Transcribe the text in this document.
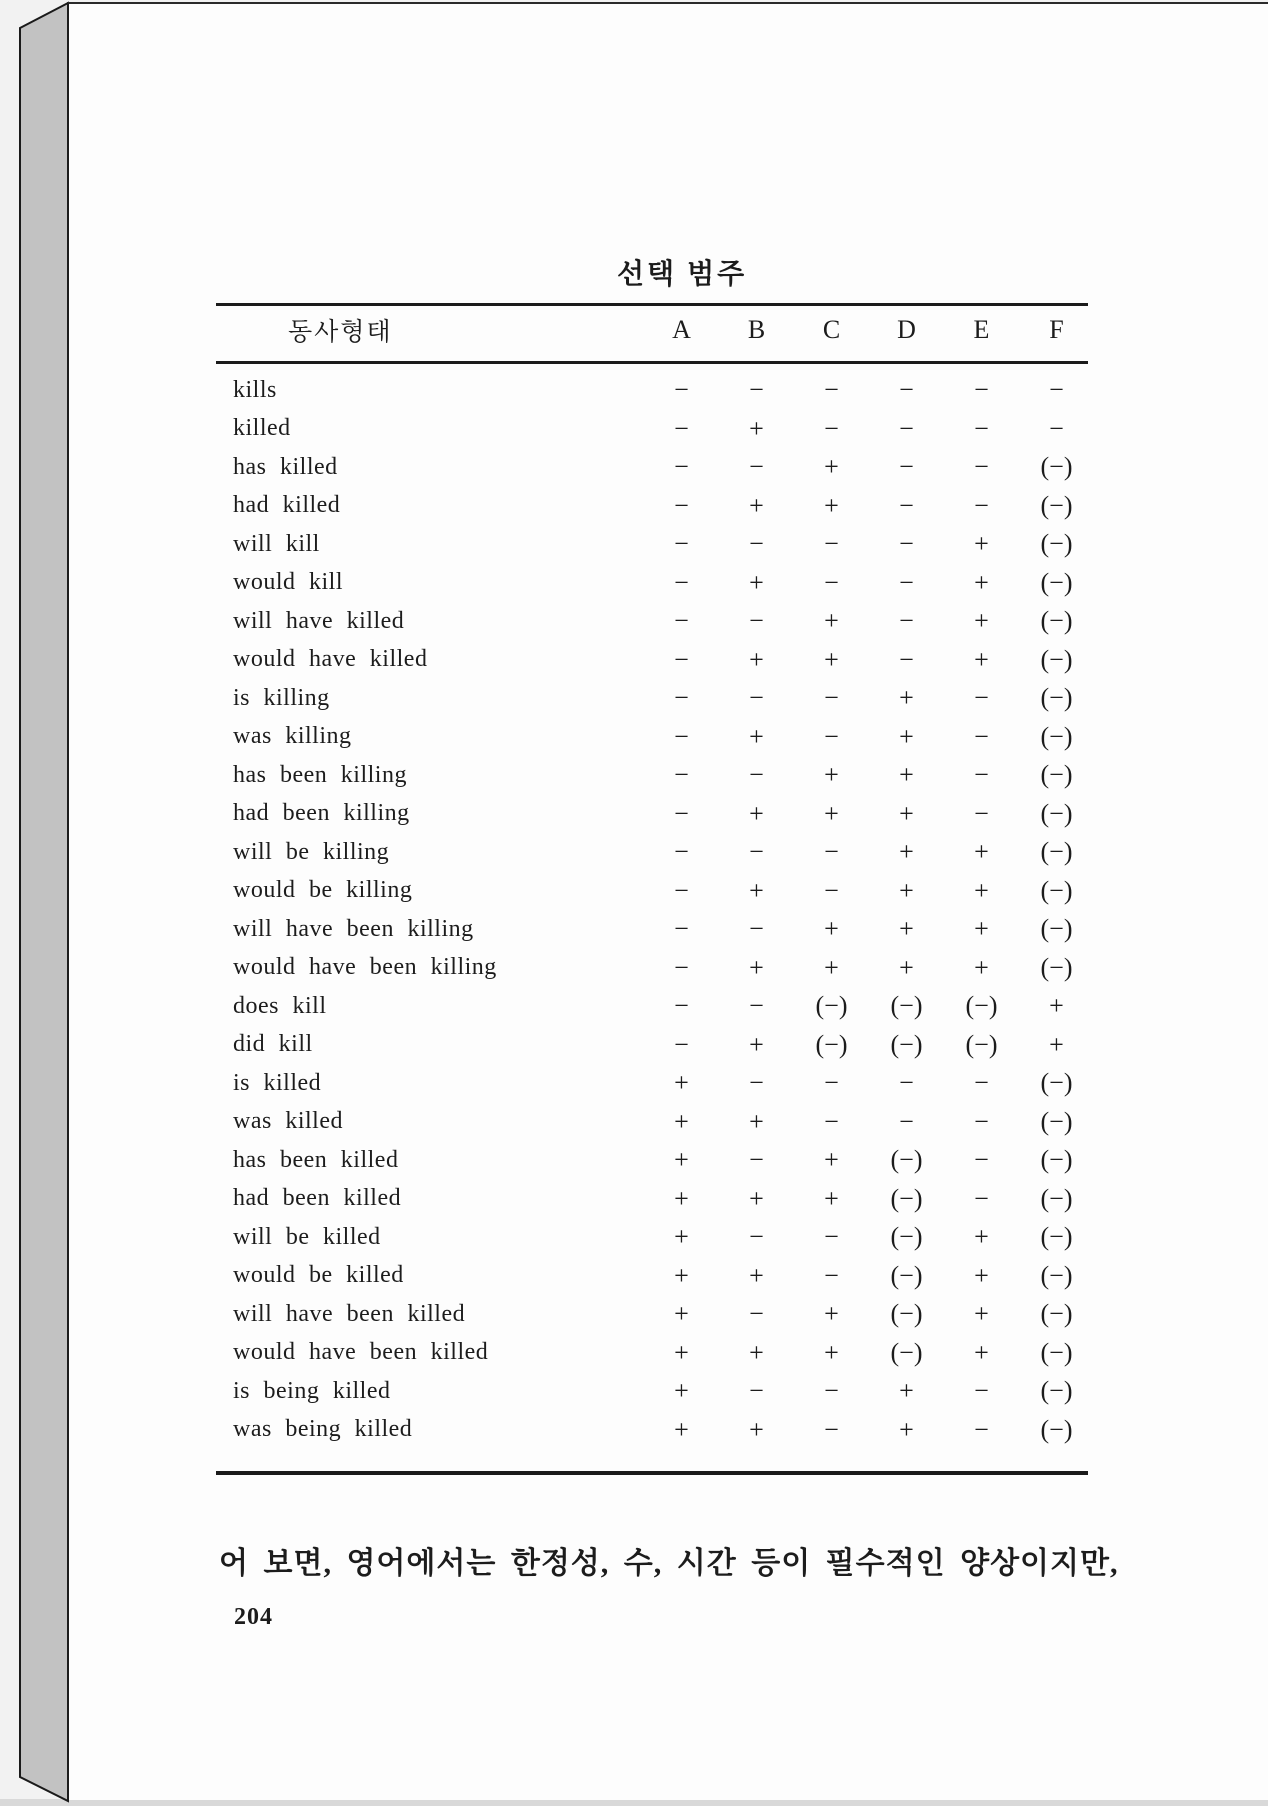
선택 범주
동사형태	A	B	C	D	E	F
kills	−	−	−	−	−	−
killed	−	+	−	−	−	−
has killed	−	−	+	−	−	(−)
had killed	−	+	+	−	−	(−)
will kill	−	−	−	−	+	(−)
would kill	−	+	−	−	+	(−)
will have killed	−	−	+	−	+	(−)
would have killed	−	+	+	−	+	(−)
is killing	−	−	−	+	−	(−)
was killing	−	+	−	+	−	(−)
has been killing	−	−	+	+	−	(−)
had been killing	−	+	+	+	−	(−)
will be killing	−	−	−	+	+	(−)
would be killing	−	+	−	+	+	(−)
will have been killing	−	−	+	+	+	(−)
would have been killing	−	+	+	+	+	(−)
does kill	−	−	(−)	(−)	(−)	+
did kill	−	+	(−)	(−)	(−)	+
is killed	+	−	−	−	−	(−)
was killed	+	+	−	−	−	(−)
has been killed	+	−	+	(−)	−	(−)
had been killed	+	+	+	(−)	−	(−)
will be killed	+	−	−	(−)	+	(−)
would be killed	+	+	−	(−)	+	(−)
will have been killed	+	−	+	(−)	+	(−)
would have been killed	+	+	+	(−)	+	(−)
is being killed	+	−	−	+	−	(−)
was being killed	+	+	−	+	−	(−)
어 보면, 영어에서는 한정성, 수, 시간 등이 필수적인 양상이지만,
204
